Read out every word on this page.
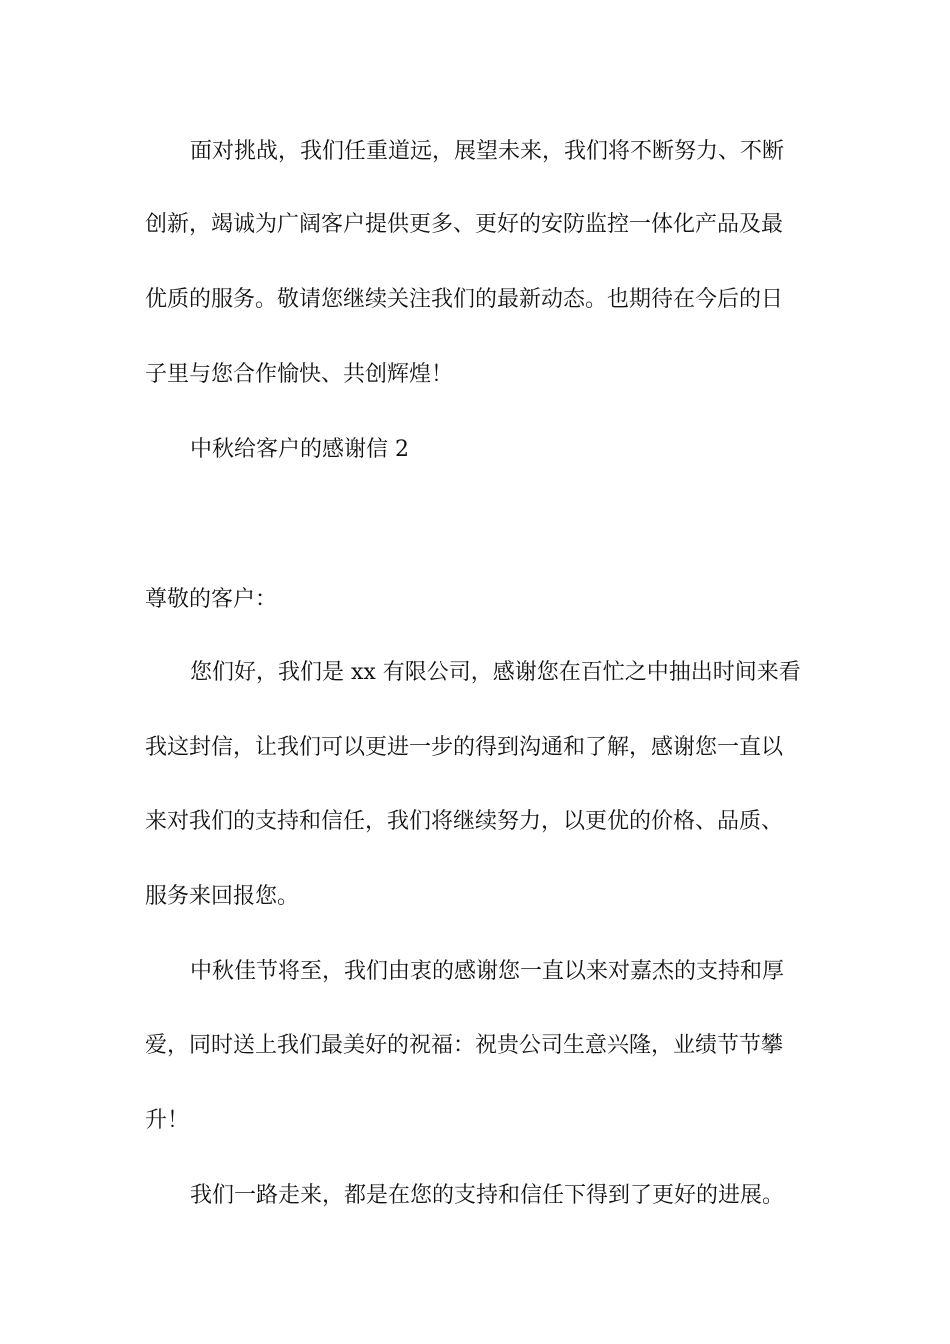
面对挑战，我们任重道远，展望未来，我们将不断努力、不断
创新，竭诚为广阔客户提供更多、更好的安防监控一体化产品及最
优质的服务。敬请您继续关注我们的最新动态。也期待在今后的日
子里与您合作愉快、共创辉煌！
中秋给客户的感谢信 2
尊敬的客户：
您们好，我们是 xx 有限公司，感谢您在百忙之中抽出时间来看
我这封信，让我们可以更进一步的得到沟通和了解，感谢您一直以
来对我们的支持和信任，我们将继续努力，以更优的价格、品质、
服务来回报您。
中秋佳节将至，我们由衷的感谢您一直以来对嘉杰的支持和厚
爱，同时送上我们最美好的祝福：祝贵公司生意兴隆，业绩节节攀
升！
我们一路走来，都是在您的支持和信任下得到了更好的进展。
